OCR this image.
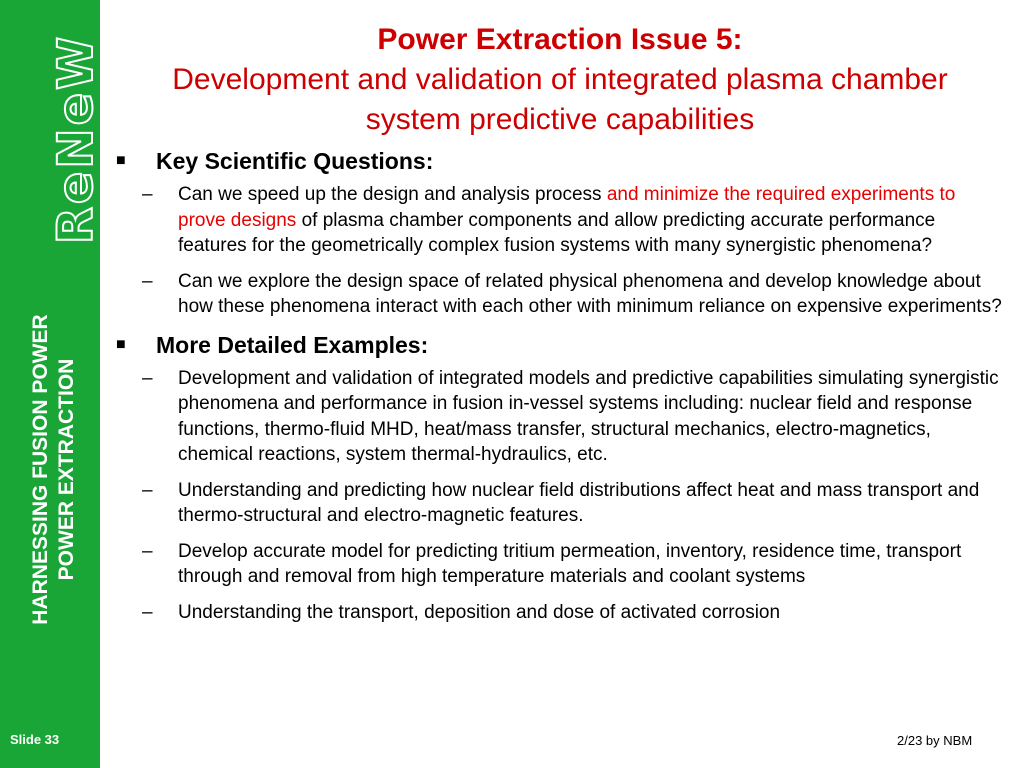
ReNeW
HARNESSING FUSION POWER POWER EXTRACTION
Slide 33
Power Extraction Issue 5:
Development and validation of integrated plasma chamber system predictive capabilities
■	Key Scientific Questions:
–	Can we speed up the design and analysis process and minimize the required experiments to prove designs of plasma chamber components and allow predicting accurate performance features for the geometrically complex fusion systems with many synergistic phenomena?
–	Can we explore the design space of related physical phenomena and develop knowledge about how these phenomena interact with each other with minimum reliance on expensive experiments?
■	More Detailed Examples:
–	Development and validation of integrated models and predictive capabilities simulating synergistic phenomena and performance in fusion in-vessel systems including: nuclear field and response functions, thermo-fluid MHD, heat/mass transfer, structural mechanics, electro-magnetics, chemical reactions, system thermal-hydraulics, etc.
–	Understanding and predicting how nuclear field distributions affect heat and mass transport and thermo-structural and electro-magnetic features.
–	Develop accurate model for predicting tritium permeation, inventory, residence time, transport through and removal from high temperature materials and coolant systems
–	Understanding the transport, deposition and dose of activated corrosion
2/23 by NBM
